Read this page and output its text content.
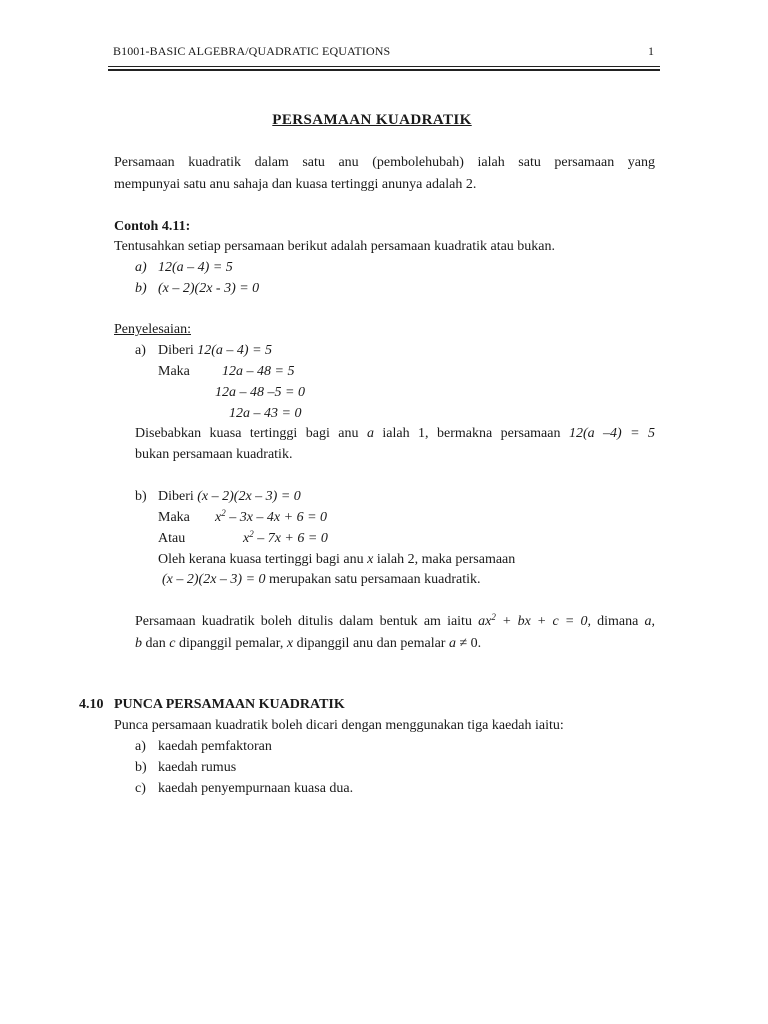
B1001-BASIC ALGEBRA/QUADRATIC EQUATIONS	1
PERSAMAAN KUADRATIK
Persamaan kuadratik dalam satu anu (pembolehubah) ialah satu persamaan yang
mempunyai satu anu sahaja dan kuasa tertinggi anunya adalah 2.
Contoh 4.11:
Tentusahkan setiap persamaan berikut adalah persamaan kuadratik atau bukan.
a) 12(a – 4) = 5
b) (x – 2)(2x - 3) = 0
Penyelesaian:
a) Diberi 12(a – 4) = 5
Maka 12a – 48 = 5
12a – 48 –5 = 0
12a – 43 = 0
Disebabkan kuasa tertinggi bagi anu a ialah 1, bermakna persamaan 12(a –4) = 5
bukan persamaan kuadratik.
b) Diberi (x – 2)(2x – 3) = 0
Maka $x^2 - 3x - 4x + 6 = 0$
Atau	$x^2 - 7x + 6 = 0$
Oleh kerana kuasa tertinggi bagi anu x ialah 2, maka persamaan
(x – 2)(2x – 3) = 0 merupakan satu persamaan kuadratik.
Persamaan kuadratik boleh ditulis dalam bentuk am iaitu $ax^2$ + bx + c = 0, dimana a,
b dan c dipanggil pemalar, x dipanggil anu dan pemalar a ≠ 0.
4.10 PUNCA PERSAMAAN KUADRATIK
Punca persamaan kuadratik boleh dicari dengan menggunakan tiga kaedah iaitu:
a) kaedah pemfaktoran
b) kaedah rumus
c) kaedah penyempurnaan kuasa dua.
